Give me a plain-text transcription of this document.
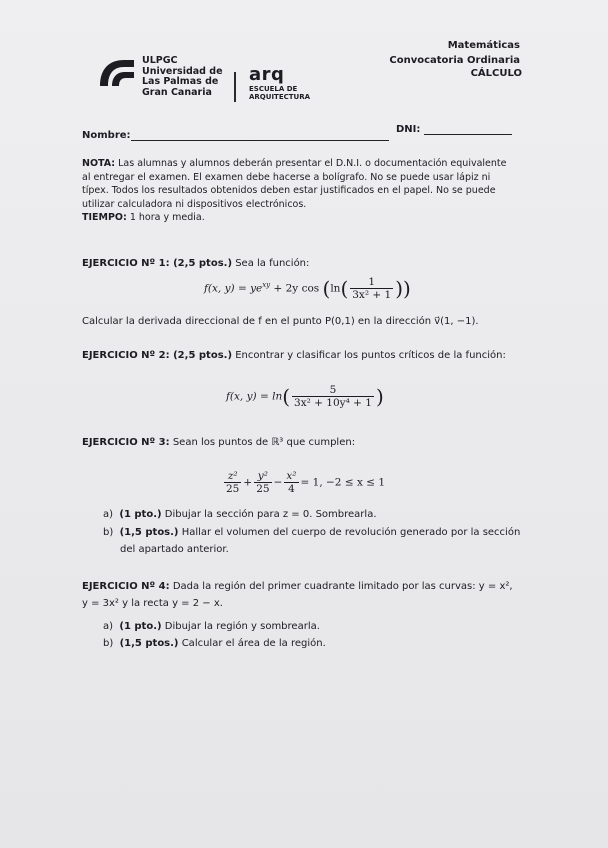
Matemáticas
Convocatoria Ordinaria
CÁLCULO
ULPGC
Universidad de
Las Palmas de
Gran Canaria
arq
ESCUELA DE
ARQUITECTURA
Nombre:
DNI:
NOTA: Las alumnas y alumnos deberán presentar el D.N.I. o documentación equivalente
al entregar el examen. El examen debe hacerse a bolígrafo. No se puede usar lápiz ni
típex. Todos los resultados obtenidos deben estar justificados en el papel. No se puede
utilizar calculadora ni dispositivos electrónicos.
TIEMPO: 1 hora y media.
EJERCICIO Nº 1: (2,5 ptos.) Sea la función:
f(x, $y) = ye^{xy} + 2y$ $\cos (\ln( \frac{1}{\text{3x² + 1}}$ ))
Calcular la derivada direccional de f en el punto P(0,1) en la dirección v⃗(1, −1).
EJERCICIO Nº 2: (2,5 ptos.) Encontrar y clasificar los puntos críticos de la función:
f(x, $y) = \ln( \frac{5}{\text{3x² + 10y⁴ + 1}}$ )
EJERCICIO Nº 3: Sean los puntos de ℝ³ que cumplen:
$\frac{\text{z²}}{25} + \frac{\text{y²}}{25} - \frac{\text{x²}}{4} = 1$, −2 ≤ x ≤ 1
a) (1 pto.) Dibujar la sección para z = 0. Sombrearla.
b) (1,5 ptos.) Hallar el volumen del cuerpo de revolución generado por la sección
del apartado anterior.
EJERCICIO Nº 4: Dada la región del primer cuadrante limitado por las curvas: y = x²,
y = 3x² y la recta y = 2 − x.
a) (1 pto.) Dibujar la región y sombrearla.
b) (1,5 ptos.) Calcular el área de la región.
